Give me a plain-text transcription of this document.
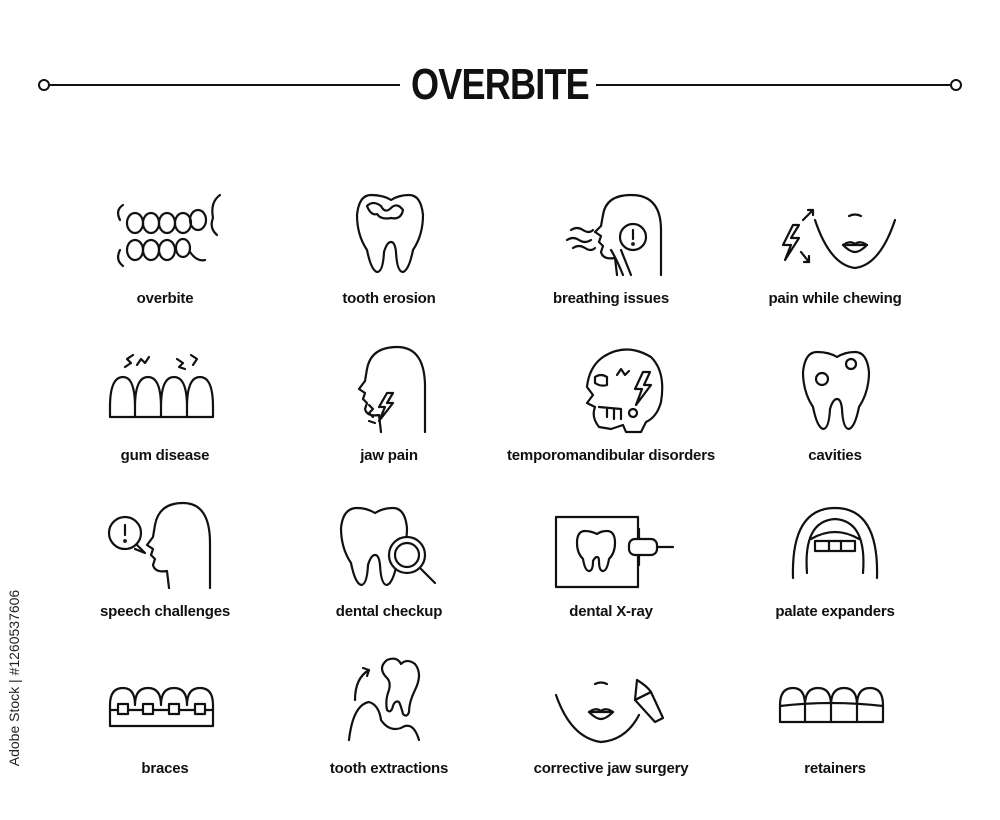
OVERBITE
overbite	tooth erosion	breathing issues	pain while chewing
gum disease	jaw pain	temporomandibular disorders	cavities
speech challenges	dental checkup	dental X-ray	palate expanders
braces	tooth extractions	corrective jaw surgery	retainers
Adobe Stock | #1260537606
